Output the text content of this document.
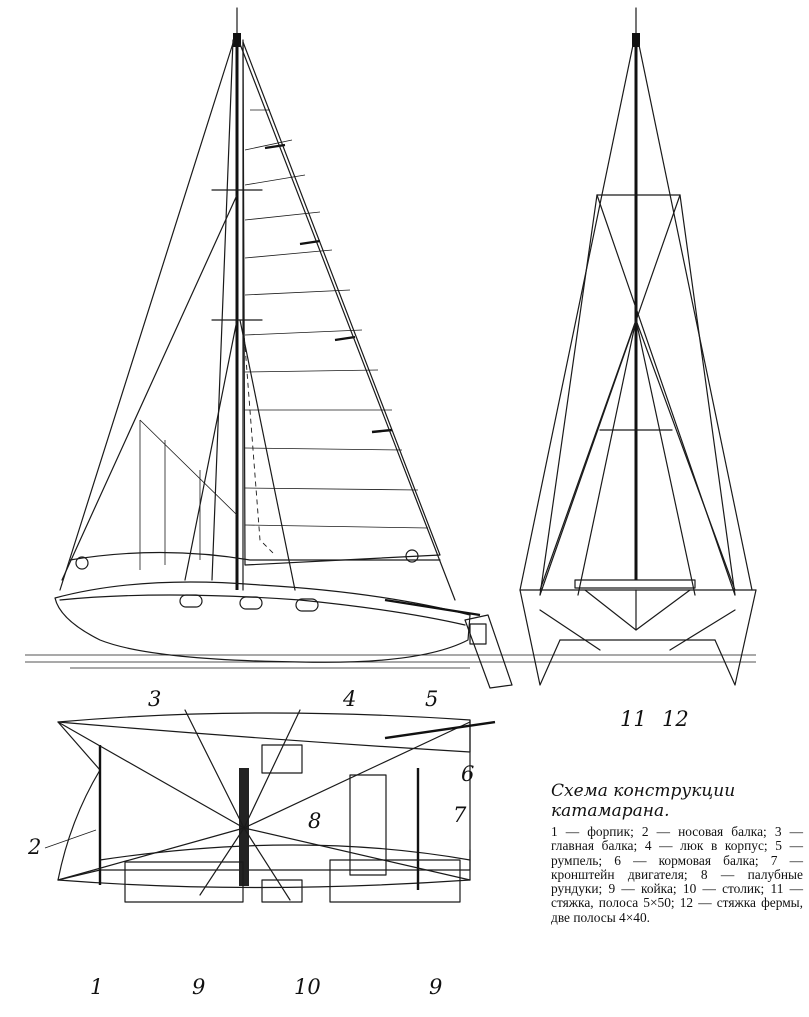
1
2
3	4	5
6
7
8
9	9
10
11 12

Схема конструкции катамарана.

1 — форпик; 2 — носовая балка; 3 — главная балка; 4 — люк в корпус; 5 — румпель; 6 — кормовая балка; 7 — кронштейн двигателя; 8 — палубные рундуки; 9 — койка; 10 — столик; 11 — стяжка, полоса 5×50; 12 — стяжка фермы, две полосы 4×40.
